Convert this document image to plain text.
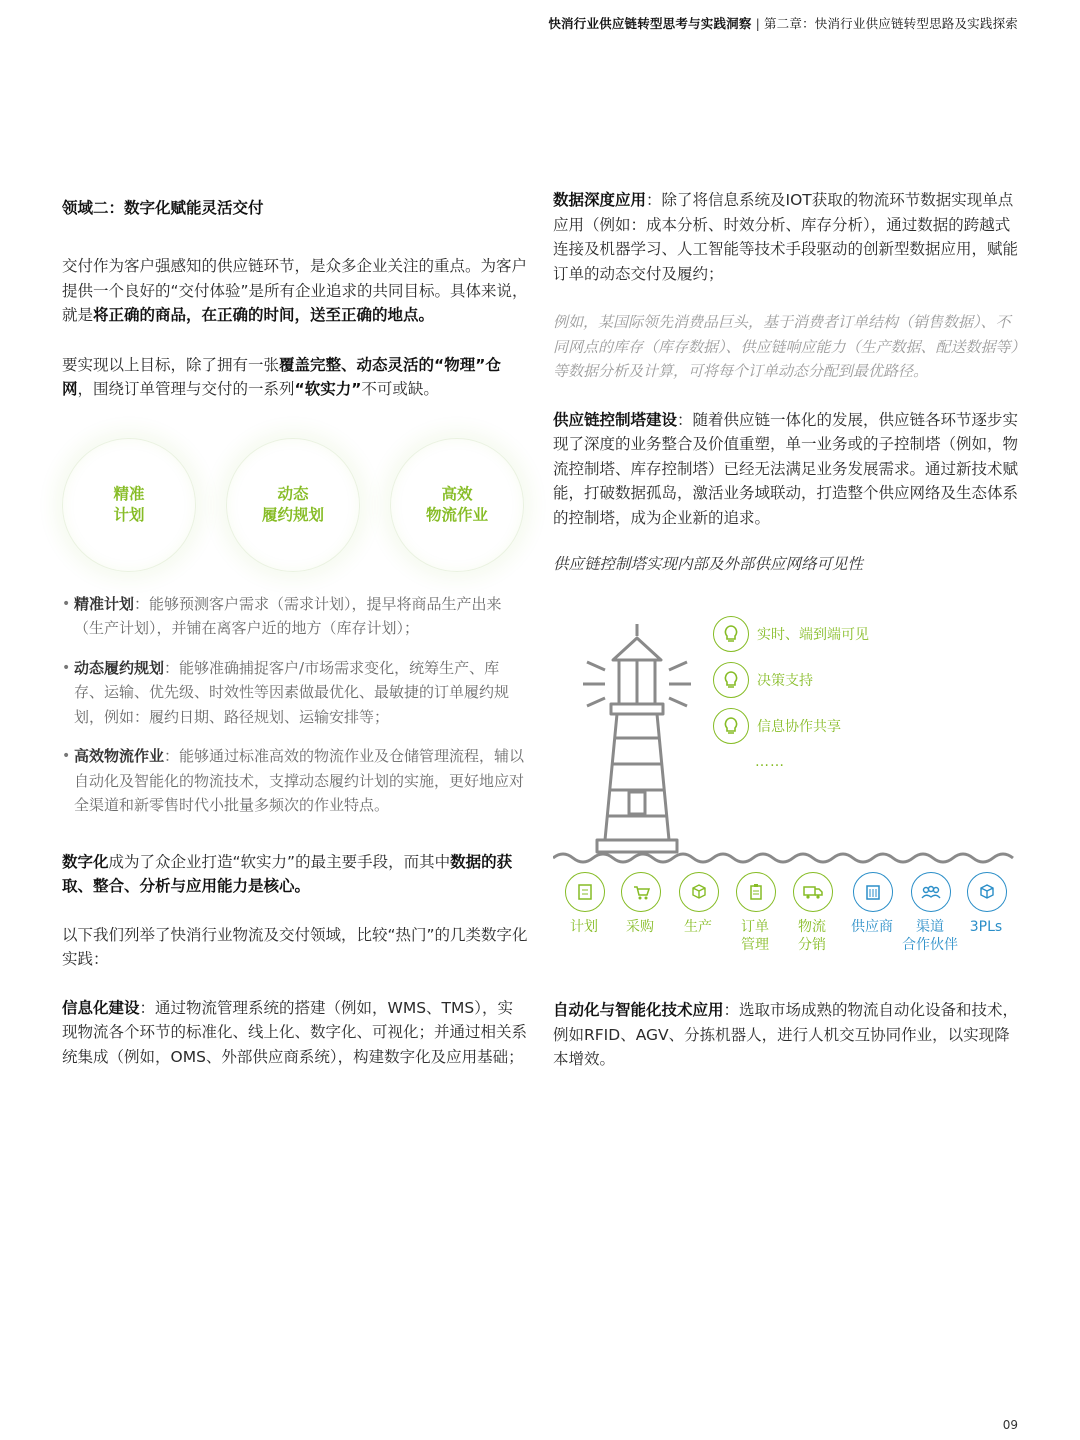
快消行业供应链转型思考与实践洞察 | 第二章：快消行业供应链转型思路及实践探索

领域二：数字化赋能灵活交付

交付作为客户强感知的供应链环节，是众多企业关注的重点。为客户提供一个良好的“交付体验”是所有企业追求的共同目标。具体来说，就是将正确的商品，在正确的时间，送至正确的地点。

要实现以上目标，除了拥有一张覆盖完整、动态灵活的“物理”仓网，围绕订单管理与交付的一系列“软实力”不可或缺。

精准
计划
动态
履约规划
高效
物流作业
• 精准计划：能够预测客户需求（需求计划），提早将商品生产出来（生产计划），并铺在离客户近的地方（库存计划）；

• 动态履约规划：能够准确捕捉客户/市场需求变化，统筹生产、库存、运输、优先级、时效性等因素做最优化、最敏捷的订单履约规划，例如：履约日期、路径规划、运输安排等；

• 高效物流作业：能够通过标准高效的物流作业及仓储管理流程，辅以自动化及智能化的物流技术，支撑动态履约计划的实施，更好地应对全渠道和新零售时代小批量多频次的作业特点。

数字化成为了众企业打造“软实力”的最主要手段，而其中数据的获取、整合、分析与应用能力是核心。

以下我们列举了快消行业物流及交付领域，比较“热门”的几类数字化实践：

信息化建设：通过物流管理系统的搭建（例如，WMS、TMS），实现物流各个环节的标准化、线上化、数字化、可视化；并通过相关系统集成（例如，OMS、外部供应商系统），构建数字化及应用基础；

数据深度应用：除了将信息系统及IOT获取的物流环节数据实现单点应用（例如：成本分析、时效分析、库存分析），通过数据的跨越式连接及机器学习、人工智能等技术手段驱动的创新型数据应用，赋能订单的动态交付及履约；

例如，某国际领先消费品巨头，基于消费者订单结构（销售数据）、不同网点的库存（库存数据）、供应链响应能力（生产数据、配送数据等）等数据分析及计算，可将每个订单动态分配到最优路径。

供应链控制塔建设：随着供应链一体化的发展，供应链各环节逐步实现了深度的业务整合及价值重塑，单一业务或的子控制塔（例如，物流控制塔、库存控制塔）已经无法满足业务发展需求。通过新技术赋能，打破数据孤岛，激活业务域联动，打造整个供应网络及生态体系的控制塔，成为企业新的追求。

供应链控制塔实现内部及外部供应网络可见性

实时、端到端可见
决策支持
信息协作共享
……
计划	采购	生产	订单
管理
物流
分销
供应商	渠道
合作伙伴
3PLs

自动化与智能化技术应用：选取市场成熟的物流自动化设备和技术，例如RFID、AGV、分拣机器人，进行人机交互协同作业，以实现降本增效。

09
